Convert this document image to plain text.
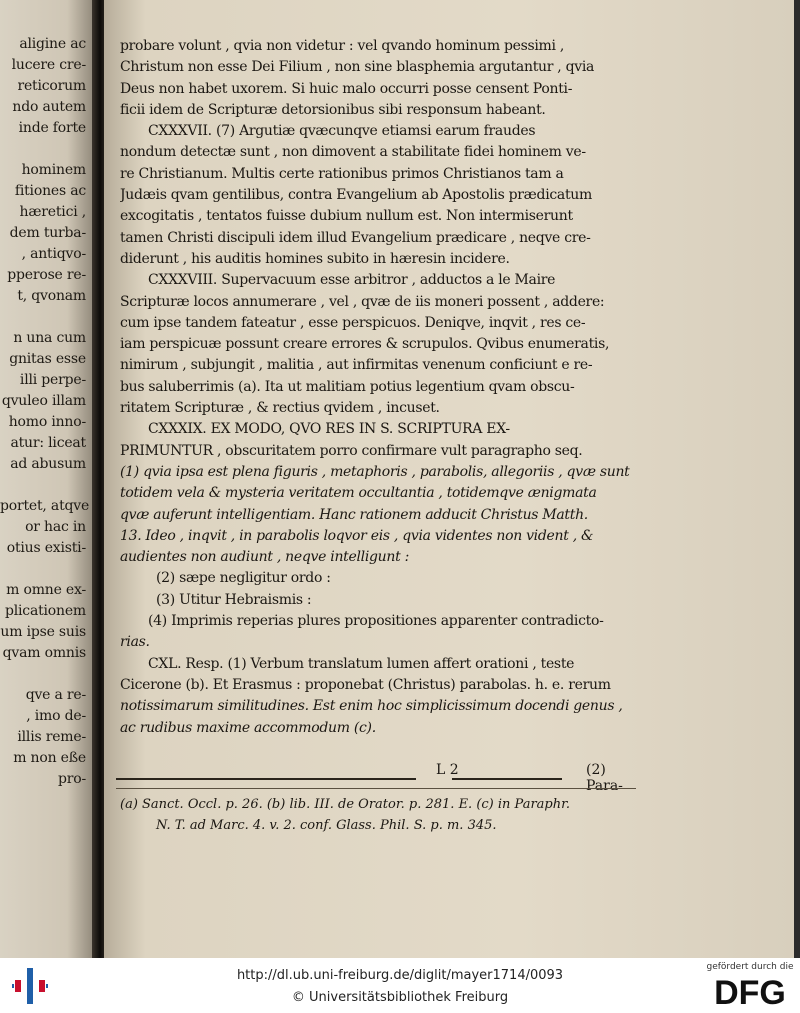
aligine ac
lucere cre-
reticorum
ndo autem
inde forte
hominem
fitiones ac
hæretici ,
dem turba-
, antiqvo-
pperose re-
t, qvonam
n una cum
gnitas esse
illi perpe-
qvuleo illam
homo inno-
atur: liceat
ad abusum
portet, atqve
or hac in
otius existi-
m omne ex-
plicationem
um ipse suis
qvam omnis
qve a re-
, imo de-
illis reme-
m non eße
pro-
probare volunt , qvia non videtur : vel qvando hominum pessimi ,
Christum non esse Dei Filium , non sine blasphemia argutantur , qvia
Deus non habet uxorem. Si huic malo occurri posse censent Ponti-
ficii idem de Scripturæ detorsionibus sibi responsum habeant.
CXXXVII. (7) Argutiæ qvæcunqve etiamsi earum fraudes
nondum detectæ sunt , non dimovent a stabilitate fidei hominem ve-
re Christianum. Multis certe rationibus primos Christianos tam a
Judæis qvam gentilibus, contra Evangelium ab Apostolis prædicatum
excogitatis , tentatos fuisse dubium nullum est. Non intermiserunt
tamen Christi discipuli idem illud Evangelium prædicare , neqve cre-
diderunt , his auditis homines subito in hæresin incidere.
CXXXVIII. Supervacuum esse arbitror , adductos a le Maire
Scripturæ locos annumerare , vel , qvæ de iis moneri possent , addere:
cum ipse tandem fateatur , esse perspicuos. Deniqve, inqvit , res ce-
iam perspicuæ possunt creare errores & scrupulos. Qvibus enumeratis,
nimirum , subjungit , malitia , aut infirmitas venenum conficiunt e re-
bus saluberrimis (a). Ita ut malitiam potius legentium qvam obscu-
ritatem Scripturæ , & rectius qvidem , incuset.
CXXXIX. EX MODO, QVO RES IN S. SCRIPTURA EX-
PRIMUNTUR , obscuritatem porro confirmare vult paragrapho seq.
(1) qvia ipsa est plena figuris , metaphoris , parabolis, allegoriis , qvæ sunt
totidem vela & mysteria veritatem occultantia , totidemqve ænigmata
qvæ auferunt intelligentiam. Hanc rationem adducit Christus Matth.
13. Ideo , inqvit , in parabolis loqvor eis , qvia videntes non vident , &
audientes non audiunt , neqve intelligunt :
(2) sæpe negligitur ordo :
(3) Utitur Hebraismis :
(4) Imprimis reperias plures propositiones apparenter contradicto-
rias.
CXL. Resp. (1) Verbum translatum lumen affert orationi , teste
Cicerone (b). Et Erasmus : proponebat (Christus) parabolas. h. e. rerum
notissimarum similitudines. Est enim hoc simplicissimum docendi genus ,
ac rudibus maxime accommodum (c).
L 2	(2) Para-
(a) Sanct. Occl. p. 26. (b) lib. III. de Orator. p. 281. E. (c) in Paraphr.
N. T. ad Marc. 4. v. 2. conf. Glass. Phil. S. p. m. 345.
http://dl.ub.uni-freiburg.de/diglit/mayer1714/0093
© Universitätsbibliothek Freiburg
gefördert durch die
DFG
